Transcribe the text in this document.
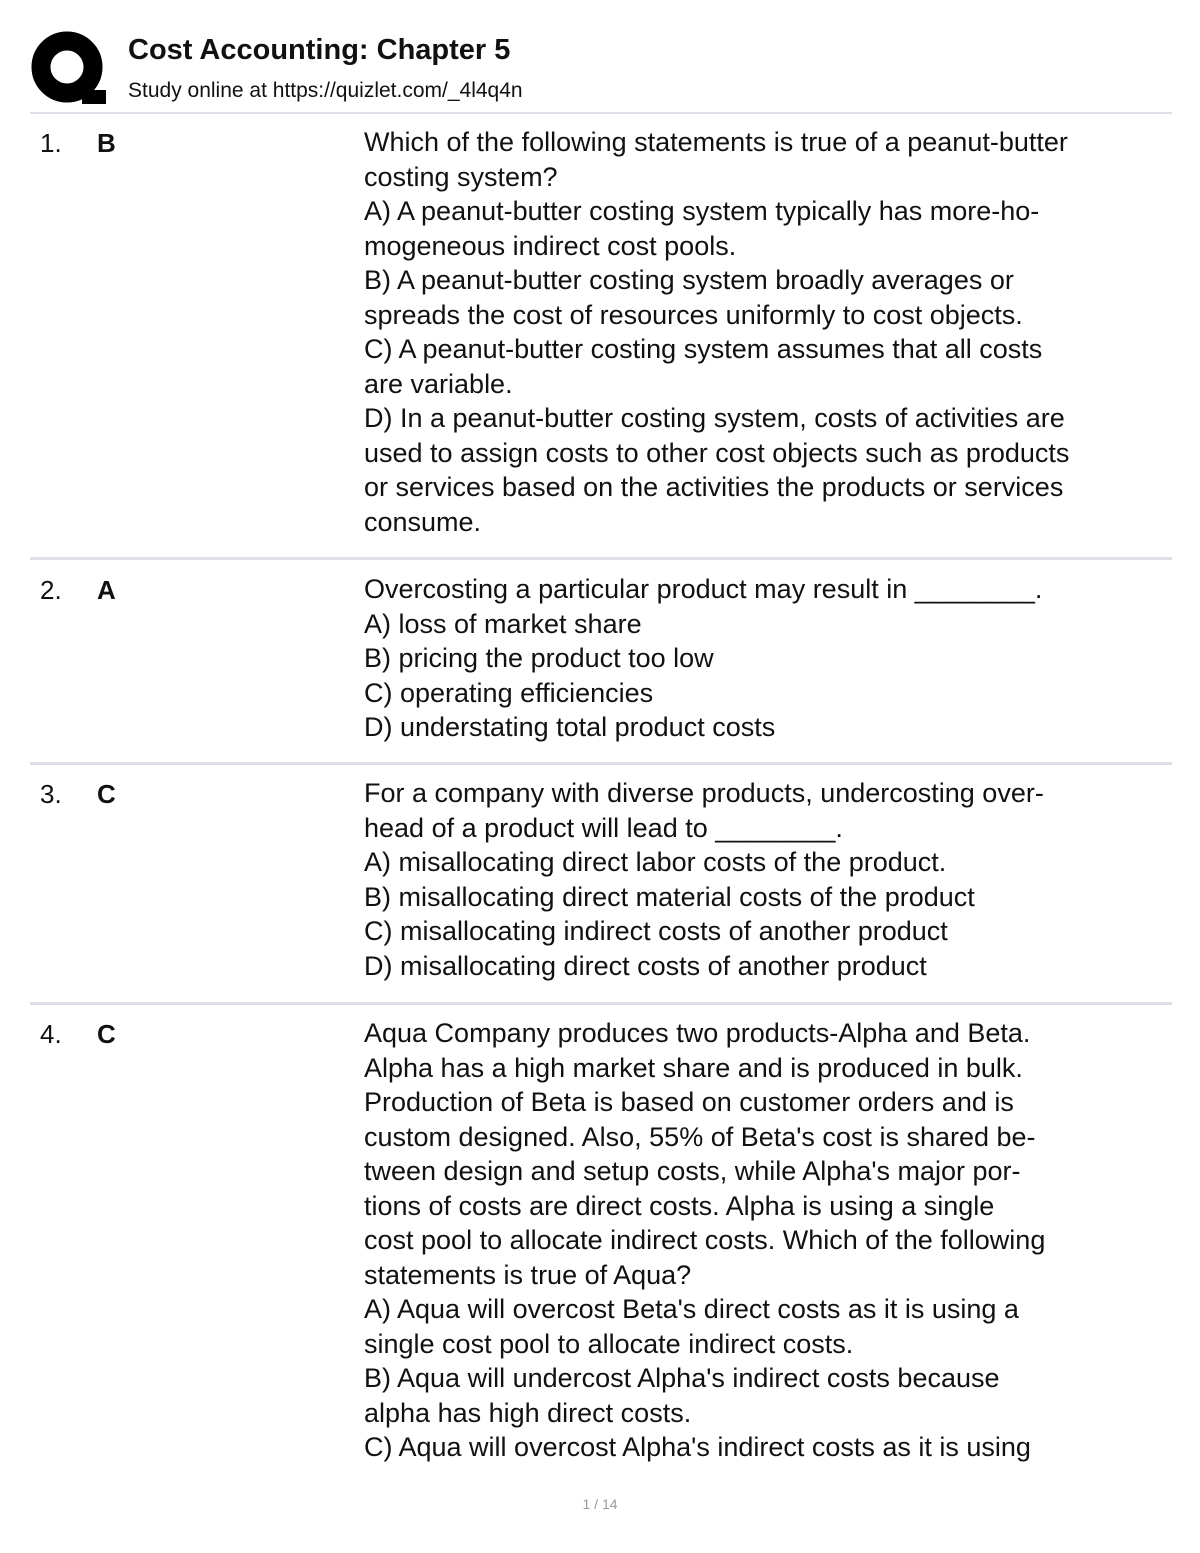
Cost Accounting: Chapter 5
Study online at https://quizlet.com/_4l4q4n
1. B	Which of the following statements is true of a peanut-butter
costing system?
A) A peanut-butter costing system typically has more-ho-
mogeneous indirect cost pools.
B) A peanut-butter costing system broadly averages or
spreads the cost of resources uniformly to cost objects.
C) A peanut-butter costing system assumes that all costs
are variable.
D) In a peanut-butter costing system, costs of activities are
used to assign costs to other cost objects such as products
or services based on the activities the products or services
consume.
2. A	Overcosting a particular product may result in ________.
A) loss of market share
B) pricing the product too low
C) operating efficiencies
D) understating total product costs
3. C	For a company with diverse products, undercosting over-
head of a product will lead to ________.
A) misallocating direct labor costs of the product.
B) misallocating direct material costs of the product
C) misallocating indirect costs of another product
D) misallocating direct costs of another product
4. C	Aqua Company produces two products-Alpha and Beta.
Alpha has a high market share and is produced in bulk.
Production of Beta is based on customer orders and is
custom designed. Also, 55% of Beta's cost is shared be-
tween design and setup costs, while Alpha's major por-
tions of costs are direct costs. Alpha is using a single
cost pool to allocate indirect costs. Which of the following
statements is true of Aqua?
A) Aqua will overcost Beta's direct costs as it is using a
single cost pool to allocate indirect costs.
B) Aqua will undercost Alpha's indirect costs because
alpha has high direct costs.
C) Aqua will overcost Alpha's indirect costs as it is using
1 / 14
